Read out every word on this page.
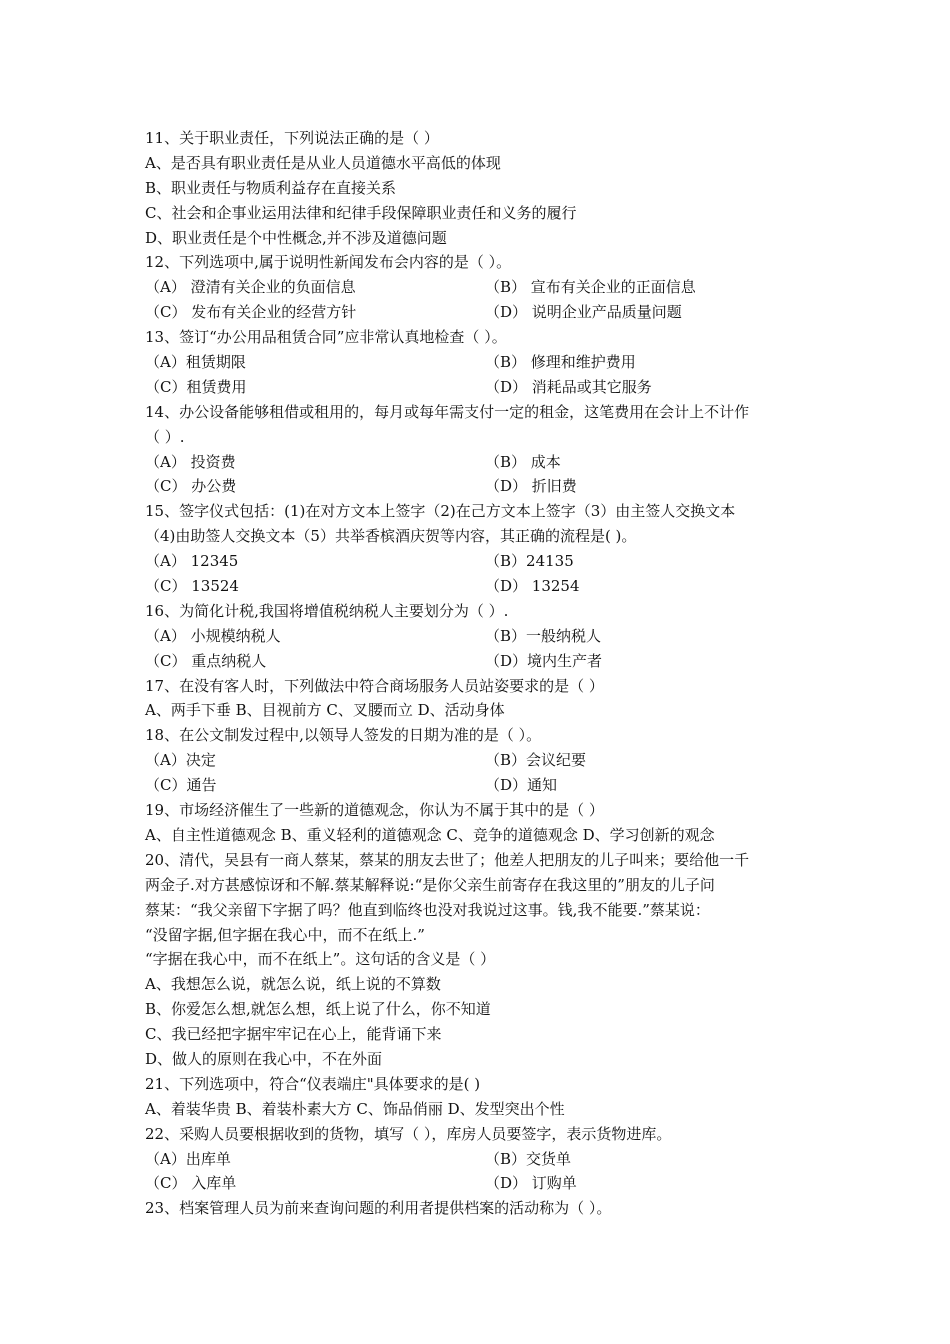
11、关于职业责任，下列说法正确的是（ ）
A、是否具有职业责任是从业人员道德水平高低的体现
B、职业责任与物质利益存在直接关系
C、社会和企事业运用法律和纪律手段保障职业责任和义务的履行
D、职业责任是个中性概念,并不涉及道德问题
12、下列选项中,属于说明性新闻发布会内容的是（ ）。
（A） 澄清有关企业的负面信息	（B） 宣布有关企业的正面信息
（C） 发布有关企业的经营方针	（D） 说明企业产品质量问题
13、签订“办公用品租赁合同”应非常认真地检查（ ）。
（A）租赁期限	（B） 修理和维护费用
（C）租赁费用	（D） 消耗品或其它服务
14、办公设备能够租借或租用的，每月或每年需支付一定的租金，这笔费用在会计上不计作
（ ）.
（A） 投资费	（B） 成本
（C） 办公费	（D） 折旧费
15、签字仪式包括：(1)在对方文本上签字（2)在己方文本上签字（3）由主签人交换文本
（4)由助签人交换文本（5）共举香槟酒庆贺等内容，其正确的流程是( )。
（A） 12345	（B）24135
（C） 13524	（D） 13254
16、为简化计税,我国将增值税纳税人主要划分为（ ）.
（A） 小规模纳税人	（B）一般纳税人
（C） 重点纳税人	（D）境内生产者
17、在没有客人时，下列做法中符合商场服务人员站姿要求的是（ ）
A、两手下垂 B、目视前方 C、叉腰而立 D、活动身体
18、在公文制发过程中,以领导人签发的日期为准的是（ ）。
（A）决定	（B）会议纪要
（C）通告	（D）通知
19、市场经济催生了一些新的道德观念，你认为不属于其中的是（ ）
A、自主性道德观念 B、重义轻利的道德观念 C、竞争的道德观念 D、学习创新的观念
20、清代，吴县有一商人蔡某，蔡某的朋友去世了；他差人把朋友的儿子叫来；要给他一千
两金子.对方甚感惊讶和不解.蔡某解释说:“是你父亲生前寄存在我这里的”朋友的儿子问
蔡某：“我父亲留下字据了吗？他直到临终也没对我说过这事。钱,我不能要.”蔡某说：
“没留字据,但字据在我心中，而不在纸上.”
“字据在我心中，而不在纸上”。这句话的含义是（ ）
A、我想怎么说，就怎么说，纸上说的不算数
B、你爱怎么想,就怎么想，纸上说了什么，你不知道
C、我已经把字据牢牢记在心上，能背诵下来
D、做人的原则在我心中，不在外面
21、下列选项中，符合“仪表端庄"具体要求的是( )
A、着装华贵 B、着装朴素大方 C、饰品俏丽 D、发型突出个性
22、采购人员要根据收到的货物，填写（ ），库房人员要签字，表示货物进库。
（A）出库单	（B）交货单
（C） 入库单	（D） 订购单
23、档案管理人员为前来查询问题的利用者提供档案的活动称为（ ）。
